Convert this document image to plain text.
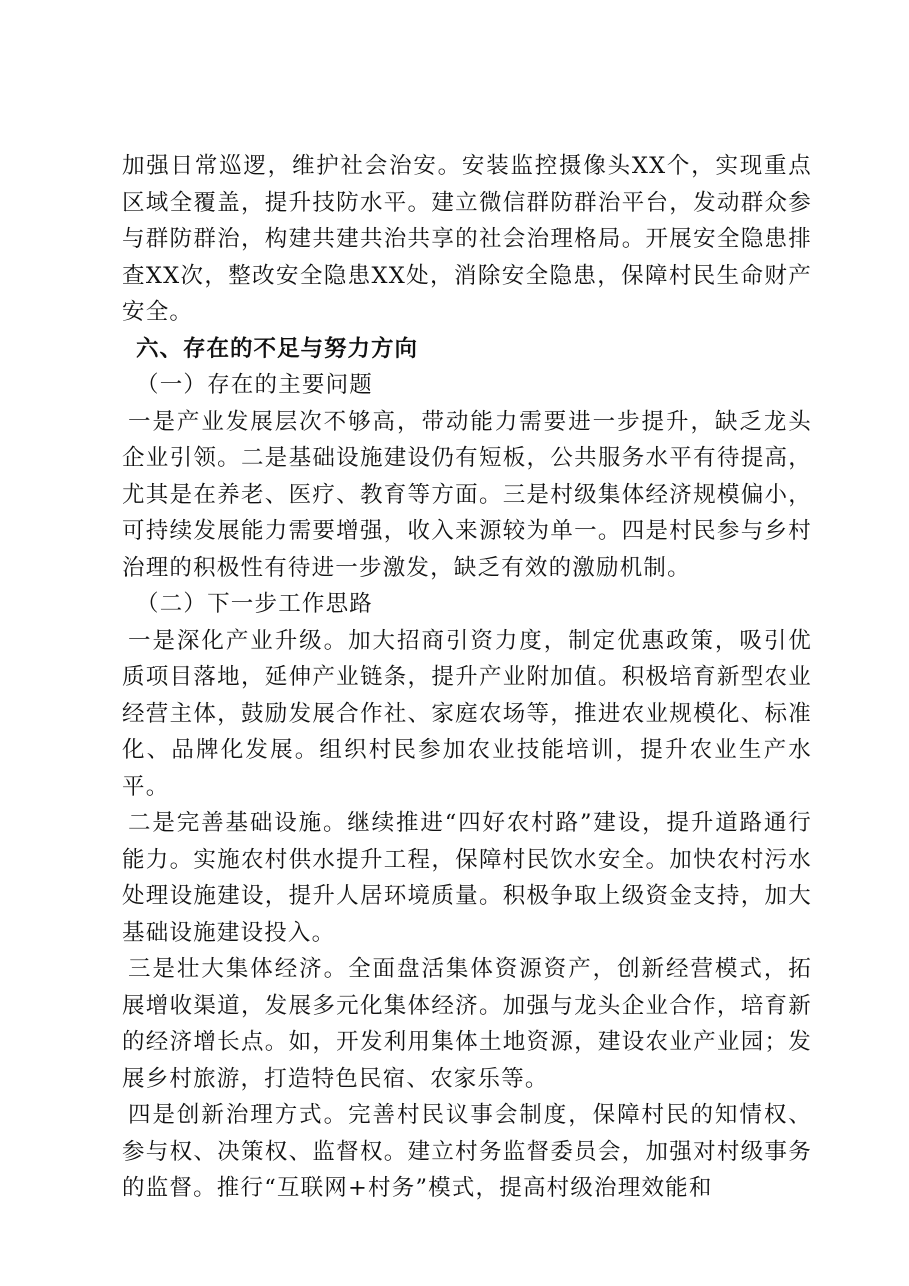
加强日常巡逻，维护社会治安。安装监控摄像头XX个，实现重点区域全覆盖，提升技防水平。建立微信群防群治平台，发动群众参与群防群治，构建共建共治共享的社会治理格局。开展安全隐患排查XX次，整改安全隐患XX处，消除安全隐患，保障村民生命财产安全。

六、存在的不足与努力方向

（一）存在的主要问题

一是产业发展层次不够高，带动能力需要进一步提升，缺乏龙头企业引领。二是基础设施建设仍有短板，公共服务水平有待提高，尤其是在养老、医疗、教育等方面。三是村级集体经济规模偏小，可持续发展能力需要增强，收入来源较为单一。四是村民参与乡村治理的积极性有待进一步激发，缺乏有效的激励机制。

（二）下一步工作思路

一是深化产业升级。加大招商引资力度，制定优惠政策，吸引优质项目落地，延伸产业链条，提升产业附加值。积极培育新型农业经营主体，鼓励发展合作社、家庭农场等，推进农业规模化、标准化、品牌化发展。组织村民参加农业技能培训，提升农业生产水平。

二是完善基础设施。继续推进“四好农村路”建设，提升道路通行能力。实施农村供水提升工程，保障村民饮水安全。加快农村污水处理设施建设，提升人居环境质量。积极争取上级资金支持，加大基础设施建设投入。

三是壮大集体经济。全面盘活集体资源资产，创新经营模式，拓展增收渠道，发展多元化集体经济。加强与龙头企业合作，培育新的经济增长点。如，开发利用集体土地资源，建设农业产业园；发展乡村旅游，打造特色民宿、农家乐等。

四是创新治理方式。完善村民议事会制度，保障村民的知情权、参与权、决策权、监督权。建立村务监督委员会，加强对村级事务的监督。推行“互联网+村务”模式，提高村级治理效能和
